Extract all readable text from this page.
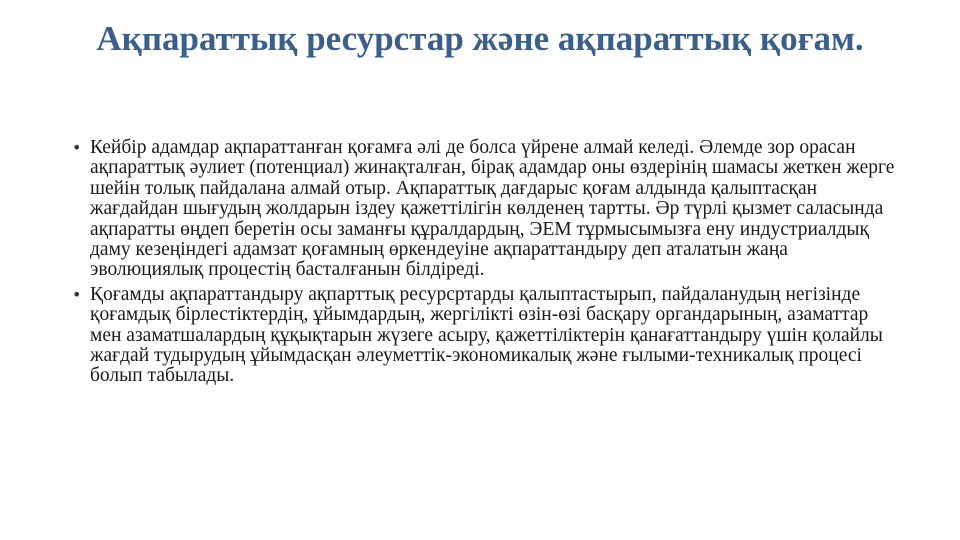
Ақпараттық ресурстар және ақпараттық қоғам.
• Кейбір адамдар ақпараттанған қоғамға әлі де болса үйрене алмай келеді. Әлемде зор орасан ақпараттық әулиет (потенциал) жинақталған, бірақ адамдар оны өздерінің шамасы жеткен жерге шейін толық пайдалана алмай отыр. Ақпараттық дағдарыс қоғам алдында қалыптасқан жағдайдан шығудың жолдарын іздеу қажеттілігін көлденең тартты. Әр түрлі қызмет саласында ақпаратты өңдеп беретін осы заманғы құралдардың, ЭЕМ тұрмысымызға ену индустриалдық даму кезеңіндегі адамзат қоғамның өркендеуіне ақпараттандыру деп аталатын жаңа эволюциялық процестің басталғанын білдіреді.
• Қоғамды ақпараттандыру ақпарттық ресурсртарды қалыптастырып, пайдаланудың негізінде қоғамдық бірлестіктердің, ұйымдардың, жергілікті өзін-өзі басқару органдарының, азаматтар мен азаматшалардың құқықтарын жүзеге асыру, қажеттіліктерін қанағаттандыру үшін қолайлы жағдай тудырудың ұйымдасқан әлеуметтік-экономикалық және ғылыми-техникалық процесі болып табылады.
